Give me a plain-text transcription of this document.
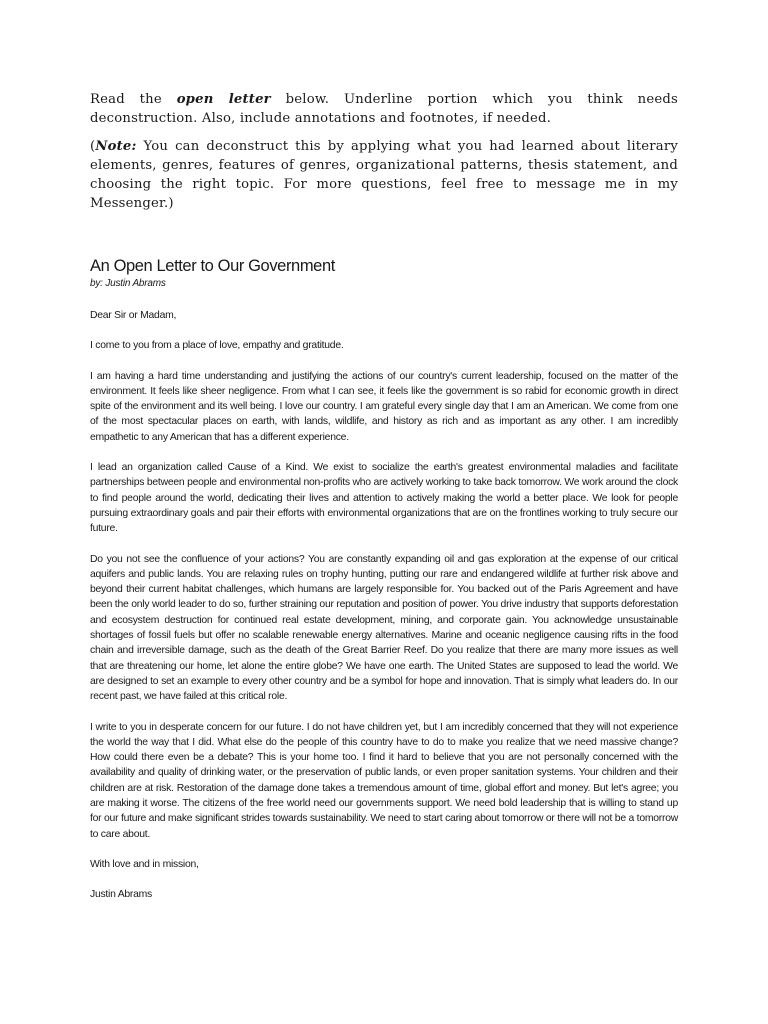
Read the open letter below. Underline portion which you think needs deconstruction. Also, include annotations and footnotes, if needed.

(Note: You can deconstruct this by applying what you had learned about literary elements, genres, features of genres, organizational patterns, thesis statement, and choosing the right topic. For more questions, feel free to message me in my Messenger.)

An Open Letter to Our Government
by: Justin Abrams

Dear Sir or Madam,

I come to you from a place of love, empathy and gratitude.

I am having a hard time understanding and justifying the actions of our country's current leadership, focused on the matter of the environment. It feels like sheer negligence. From what I can see, it feels like the government is so rabid for economic growth in direct spite of the environment and its well being. I love our country. I am grateful every single day that I am an American. We come from one of the most spectacular places on earth, with lands, wildlife, and history as rich and as important as any other. I am incredibly empathetic to any American that has a different experience.

I lead an organization called Cause of a Kind. We exist to socialize the earth's greatest environmental maladies and facilitate partnerships between people and environmental non-profits who are actively working to take back tomorrow. We work around the clock to find people around the world, dedicating their lives and attention to actively making the world a better place. We look for people pursuing extraordinary goals and pair their efforts with environmental organizations that are on the frontlines working to truly secure our future.

Do you not see the confluence of your actions? You are constantly expanding oil and gas exploration at the expense of our critical aquifers and public lands. You are relaxing rules on trophy hunting, putting our rare and endangered wildlife at further risk above and beyond their current habitat challenges, which humans are largely responsible for. You backed out of the Paris Agreement and have been the only world leader to do so, further straining our reputation and position of power. You drive industry that supports deforestation and ecosystem destruction for continued real estate development, mining, and corporate gain. You acknowledge unsustainable shortages of fossil fuels but offer no scalable renewable energy alternatives. Marine and oceanic negligence causing rifts in the food chain and irreversible damage, such as the death of the Great Barrier Reef. Do you realize that there are many more issues as well that are threatening our home, let alone the entire globe? We have one earth. The United States are supposed to lead the world. We are designed to set an example to every other country and be a symbol for hope and innovation. That is simply what leaders do. In our recent past, we have failed at this critical role.

I write to you in desperate concern for our future. I do not have children yet, but I am incredibly concerned that they will not experience the world the way that I did. What else do the people of this country have to do to make you realize that we need massive change? How could there even be a debate? This is your home too. I find it hard to believe that you are not personally concerned with the availability and quality of drinking water, or the preservation of public lands, or even proper sanitation systems. Your children and their children are at risk. Restoration of the damage done takes a tremendous amount of time, global effort and money. But let's agree; you are making it worse. The citizens of the free world need our governments support. We need bold leadership that is willing to stand up for our future and make significant strides towards sustainability. We need to start caring about tomorrow or there will not be a tomorrow to care about.

With love and in mission,

Justin Abrams
